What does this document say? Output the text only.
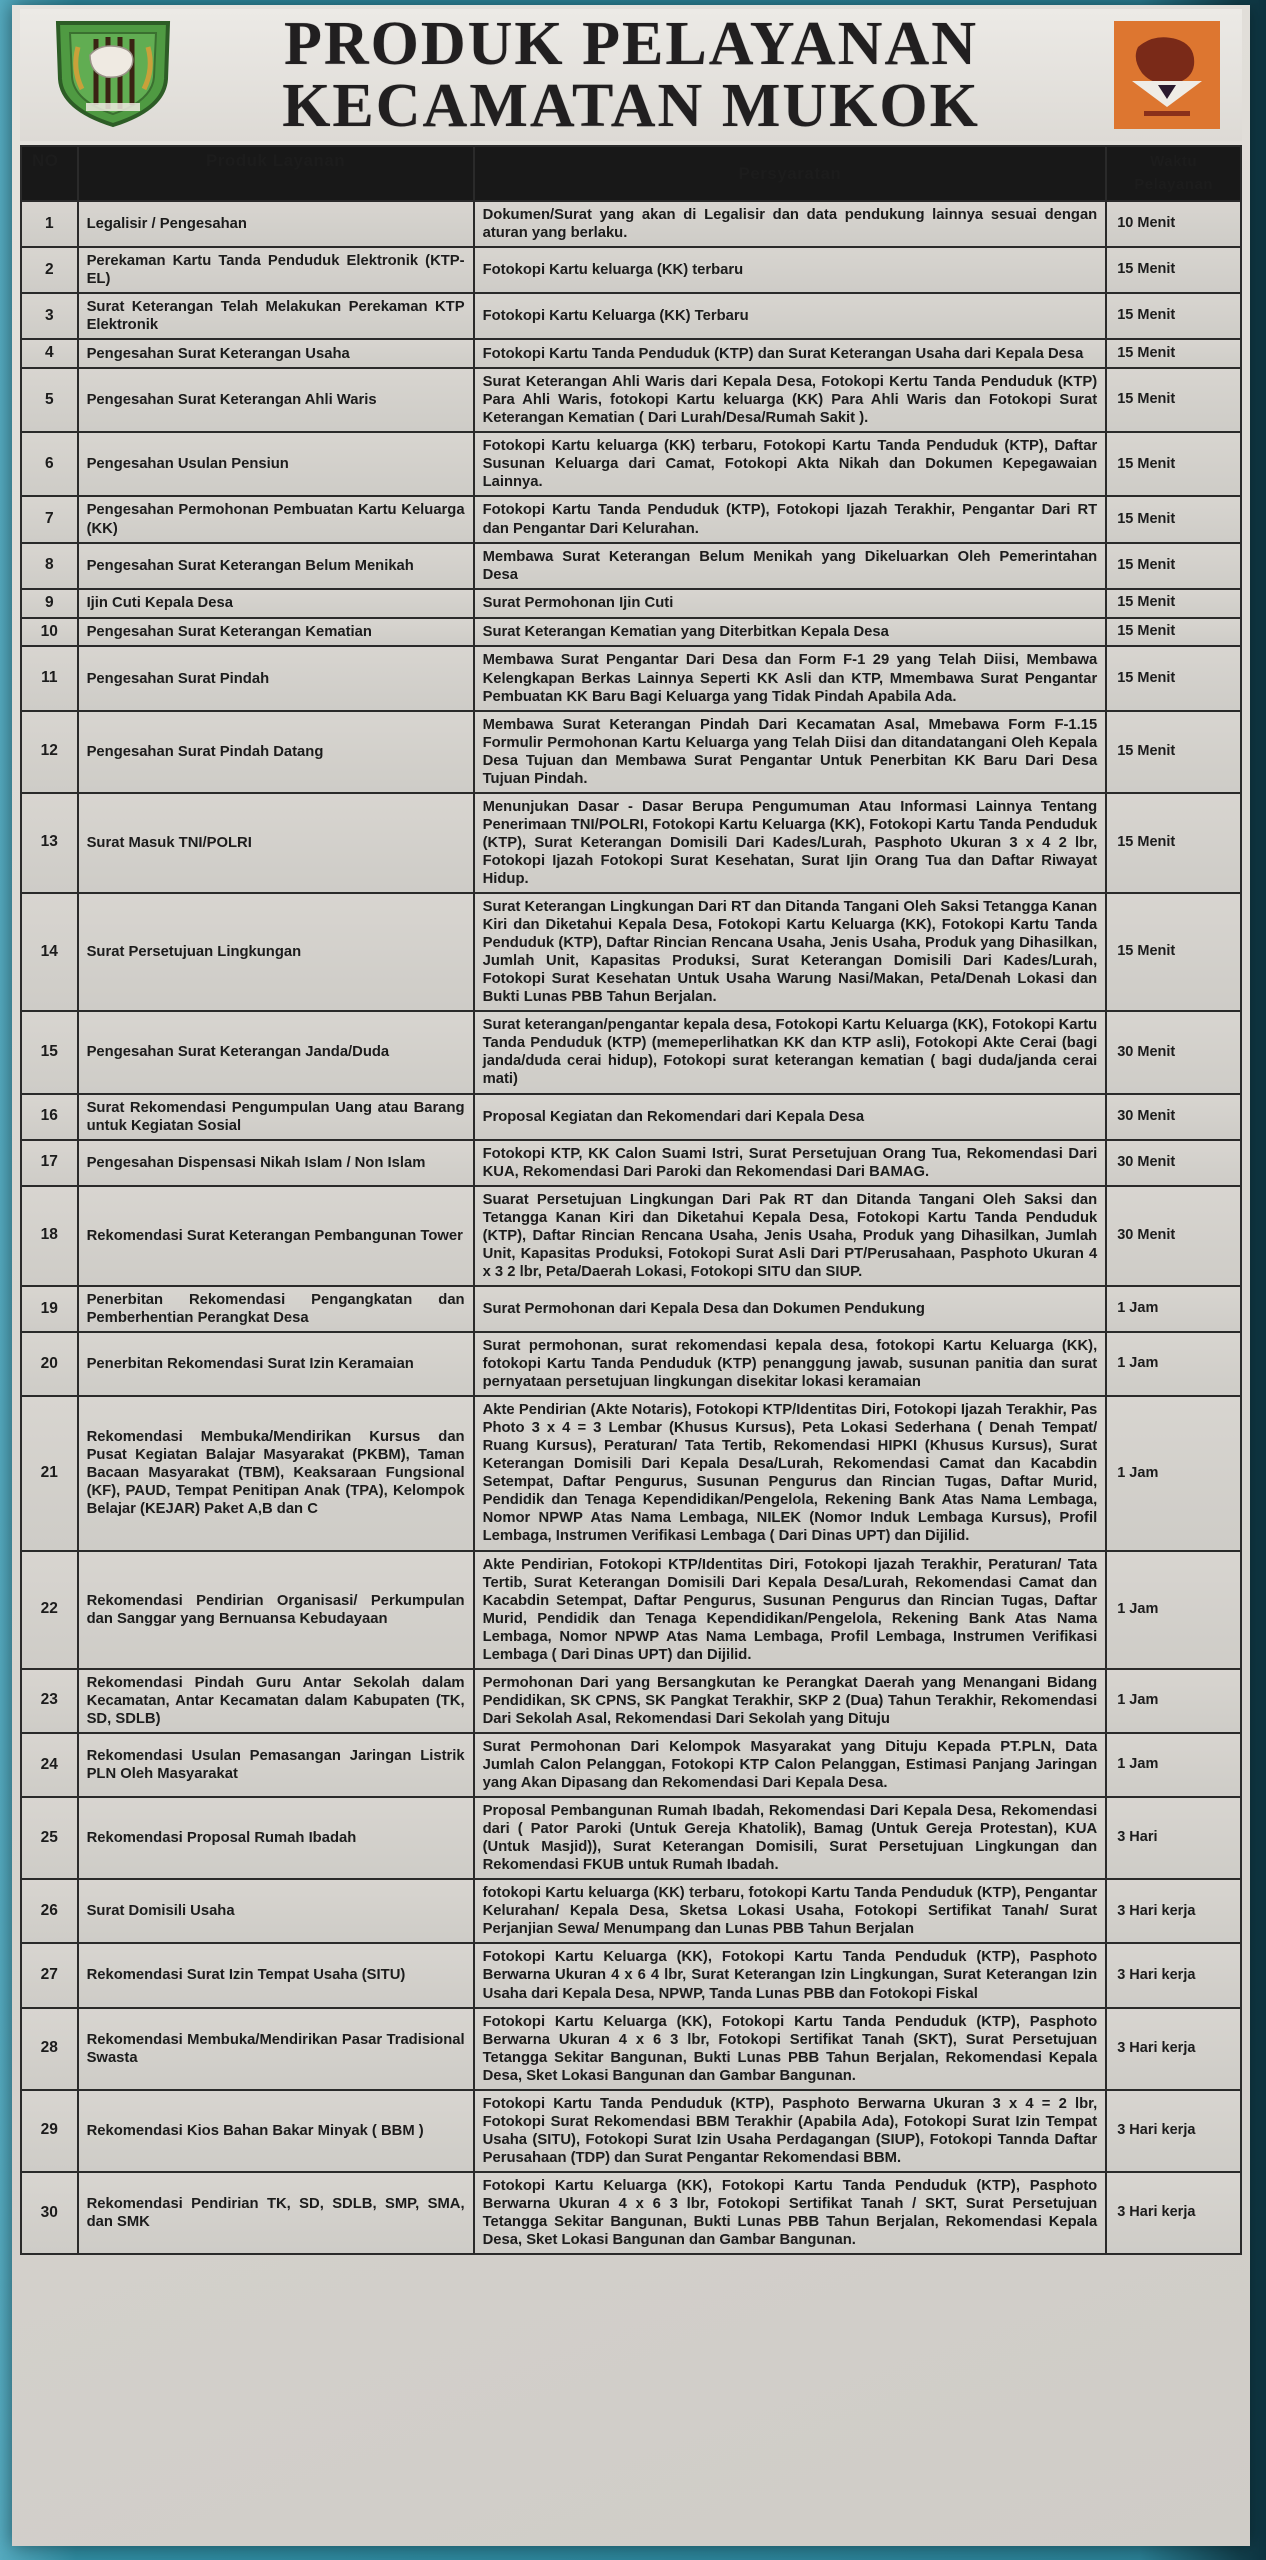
PRODUK PELAYANAN
KECAMATAN MUKOK
NO	Produk Layanan	Persyaratan	Waktu Pelayanan
1	Legalisir / Pengesahan	Dokumen/Surat yang akan di Legalisir dan data pendukung lainnya sesuai dengan aturan yang berlaku.	10 Menit
2	Perekaman Kartu Tanda Penduduk Elektronik (KTP-EL)	Fotokopi Kartu keluarga (KK) terbaru	15 Menit
3	Surat Keterangan Telah Melakukan Perekaman KTP Elektronik	Fotokopi Kartu Keluarga (KK) Terbaru	15 Menit
4	Pengesahan Surat Keterangan Usaha	Fotokopi Kartu Tanda Penduduk (KTP) dan Surat Keterangan Usaha dari Kepala Desa	15 Menit
5	Pengesahan Surat Keterangan Ahli Waris	Surat Keterangan Ahli Waris dari Kepala Desa, Fotokopi Kertu Tanda Penduduk (KTP) Para Ahli Waris, fotokopi Kartu keluarga (KK) Para Ahli Waris dan Fotokopi Surat Keterangan Kematian ( Dari Lurah/Desa/Rumah Sakit ).	15 Menit
6	Pengesahan Usulan Pensiun	Fotokopi Kartu keluarga (KK) terbaru, Fotokopi Kartu Tanda Penduduk (KTP), Daftar Susunan Keluarga dari Camat, Fotokopi Akta Nikah dan Dokumen Kepegawaian Lainnya.	15 Menit
7	Pengesahan Permohonan Pembuatan Kartu Keluarga (KK)	Fotokopi Kartu Tanda Penduduk (KTP), Fotokopi Ijazah Terakhir, Pengantar Dari RT dan Pengantar Dari Kelurahan.	15 Menit
8	Pengesahan Surat Keterangan Belum Menikah	Membawa Surat Keterangan Belum Menikah yang Dikeluarkan Oleh Pemerintahan Desa	15 Menit
9	Ijin Cuti Kepala Desa	Surat Permohonan Ijin Cuti	15 Menit
10	Pengesahan Surat Keterangan Kematian	Surat Keterangan Kematian yang Diterbitkan Kepala Desa	15 Menit
11	Pengesahan Surat Pindah	Membawa Surat Pengantar Dari Desa dan Form F-1 29 yang Telah Diisi, Membawa Kelengkapan Berkas Lainnya Seperti KK Asli dan KTP, Mmembawa Surat Pengantar Pembuatan KK Baru Bagi Keluarga yang Tidak Pindah Apabila Ada.	15 Menit
12	Pengesahan Surat Pindah Datang	Membawa Surat Keterangan Pindah Dari Kecamatan Asal, Mmebawa Form F-1.15 Formulir Permohonan Kartu Keluarga yang Telah Diisi dan ditandatangani Oleh Kepala Desa Tujuan dan Membawa Surat Pengantar Untuk Penerbitan KK Baru Dari Desa Tujuan Pindah.	15 Menit
13	Surat Masuk TNI/POLRI	Menunjukan Dasar - Dasar Berupa Pengumuman Atau Informasi Lainnya Tentang Penerimaan TNI/POLRI, Fotokopi Kartu Keluarga (KK), Fotokopi Kartu Tanda Penduduk (KTP), Surat Keterangan Domisili Dari Kades/Lurah, Pasphoto Ukuran 3 x 4 2 lbr, Fotokopi Ijazah Fotokopi Surat Kesehatan, Surat Ijin Orang Tua dan Daftar Riwayat Hidup.	15 Menit
14	Surat Persetujuan Lingkungan	Surat Keterangan Lingkungan Dari RT dan Ditanda Tangani Oleh Saksi Tetangga Kanan Kiri dan Diketahui Kepala Desa, Fotokopi Kartu Keluarga (KK), Fotokopi Kartu Tanda Penduduk (KTP), Daftar Rincian Rencana Usaha, Jenis Usaha, Produk yang Dihasilkan, Jumlah Unit, Kapasitas Produksi, Surat Keterangan Domisili Dari Kades/Lurah, Fotokopi Surat Kesehatan Untuk Usaha Warung Nasi/Makan, Peta/Denah Lokasi dan Bukti Lunas PBB Tahun Berjalan.	15 Menit
15	Pengesahan Surat Keterangan Janda/Duda	Surat keterangan/pengantar kepala desa, Fotokopi Kartu Keluarga (KK), Fotokopi Kartu Tanda Penduduk (KTP) (memeperlihatkan KK dan KTP asli), Fotokopi Akte Cerai (bagi janda/duda cerai hidup), Fotokopi surat keterangan kematian ( bagi duda/janda cerai mati)	30 Menit
16	Surat Rekomendasi Pengumpulan Uang atau Barang untuk Kegiatan Sosial	Proposal Kegiatan dan Rekomendari dari Kepala Desa	30 Menit
17	Pengesahan Dispensasi Nikah Islam / Non Islam	Fotokopi KTP, KK Calon Suami Istri, Surat Persetujuan Orang Tua, Rekomendasi Dari KUA, Rekomendasi Dari Paroki dan Rekomendasi Dari BAMAG.	30 Menit
18	Rekomendasi Surat Keterangan Pembangunan Tower	Suarat Persetujuan Lingkungan Dari Pak RT dan Ditanda Tangani Oleh Saksi dan Tetangga Kanan Kiri dan Diketahui Kepala Desa, Fotokopi Kartu Tanda Penduduk (KTP), Daftar Rincian Rencana Usaha, Jenis Usaha, Produk yang Dihasilkan, Jumlah Unit, Kapasitas Produksi, Fotokopi Surat Asli Dari PT/Perusahaan, Pasphoto Ukuran 4 x 3 2 lbr, Peta/Daerah Lokasi, Fotokopi SITU dan SIUP.	30 Menit
19	Penerbitan Rekomendasi Pengangkatan dan Pemberhentian Perangkat Desa	Surat Permohonan dari Kepala Desa dan Dokumen Pendukung	1 Jam
20	Penerbitan Rekomendasi Surat Izin Keramaian	Surat permohonan, surat rekomendasi kepala desa, fotokopi Kartu Keluarga (KK), fotokopi Kartu Tanda Penduduk (KTP) penanggung jawab, susunan panitia dan surat pernyataan persetujuan lingkungan disekitar lokasi keramaian	1 Jam
21	Rekomendasi Membuka/Mendirikan Kursus dan Pusat Kegiatan Balajar Masyarakat (PKBM), Taman Bacaan Masyarakat (TBM), Keaksaraan Fungsional (KF), PAUD, Tempat Penitipan Anak (TPA), Kelompok Belajar (KEJAR) Paket A,B dan C	Akte Pendirian (Akte Notaris), Fotokopi KTP/Identitas Diri, Fotokopi Ijazah Terakhir, Pas Photo 3 x 4 = 3 Lembar (Khusus Kursus), Peta Lokasi Sederhana ( Denah Tempat/ Ruang Kursus), Peraturan/ Tata Tertib, Rekomendasi HIPKI (Khusus Kursus), Surat Keterangan Domisili Dari Kepala Desa/Lurah, Rekomendasi Camat dan Kacabdin Setempat, Daftar Pengurus, Susunan Pengurus dan Rincian Tugas, Daftar Murid, Pendidik dan Tenaga Kependidikan/Pengelola, Rekening Bank Atas Nama Lembaga, Nomor NPWP Atas Nama Lembaga, NILEK (Nomor Induk Lembaga Kursus), Profil Lembaga, Instrumen Verifikasi Lembaga ( Dari Dinas UPT) dan Dijilid.	1 Jam
22	Rekomendasi Pendirian Organisasi/ Perkumpulan dan Sanggar yang Bernuansa Kebudayaan	Akte Pendirian, Fotokopi KTP/Identitas Diri, Fotokopi Ijazah Terakhir, Peraturan/ Tata Tertib, Surat Keterangan Domisili Dari Kepala Desa/Lurah, Rekomendasi Camat dan Kacabdin Setempat, Daftar Pengurus, Susunan Pengurus dan Rincian Tugas, Daftar Murid, Pendidik dan Tenaga Kependidikan/Pengelola, Rekening Bank Atas Nama Lembaga, Nomor NPWP Atas Nama Lembaga, Profil Lembaga, Instrumen Verifikasi Lembaga ( Dari Dinas UPT) dan Dijilid.	1 Jam
23	Rekomendasi Pindah Guru Antar Sekolah dalam Kecamatan, Antar Kecamatan dalam Kabupaten (TK, SD, SDLB)	Permohonan Dari yang Bersangkutan ke Perangkat Daerah yang Menangani Bidang Pendidikan, SK CPNS, SK Pangkat Terakhir, SKP 2 (Dua) Tahun Terakhir, Rekomendasi Dari Sekolah Asal, Rekomendasi Dari Sekolah yang Dituju	1 Jam
24	Rekomendasi Usulan Pemasangan Jaringan Listrik PLN Oleh Masyarakat	Surat Permohonan Dari Kelompok Masyarakat yang Dituju Kepada PT.PLN, Data Jumlah Calon Pelanggan, Fotokopi KTP Calon Pelanggan, Estimasi Panjang Jaringan yang Akan Dipasang dan Rekomendasi Dari Kepala Desa.	1 Jam
25	Rekomendasi Proposal Rumah Ibadah	Proposal Pembangunan Rumah Ibadah, Rekomendasi Dari Kepala Desa, Rekomendasi dari ( Pator Paroki (Untuk Gereja Khatolik), Bamag (Untuk Gereja Protestan), KUA (Untuk Masjid)), Surat Keterangan Domisili, Surat Persetujuan Lingkungan dan Rekomendasi FKUB untuk Rumah Ibadah.	3 Hari
26	Surat Domisili Usaha	fotokopi Kartu keluarga (KK) terbaru, fotokopi Kartu Tanda Penduduk (KTP), Pengantar Kelurahan/ Kepala Desa, Sketsa Lokasi Usaha, Fotokopi Sertifikat Tanah/ Surat Perjanjian Sewa/ Menumpang dan Lunas PBB Tahun Berjalan	3 Hari kerja
27	Rekomendasi Surat Izin Tempat Usaha (SITU)	Fotokopi Kartu Keluarga (KK), Fotokopi Kartu Tanda Penduduk (KTP), Pasphoto Berwarna Ukuran 4 x 6 4 lbr, Surat Keterangan Izin Lingkungan, Surat Keterangan Izin Usaha dari Kepala Desa, NPWP, Tanda Lunas PBB dan Fotokopi Fiskal	3 Hari kerja
28	Rekomendasi Membuka/Mendirikan Pasar Tradisional Swasta	Fotokopi Kartu Keluarga (KK), Fotokopi Kartu Tanda Penduduk (KTP), Pasphoto Berwarna Ukuran 4 x 6 3 lbr, Fotokopi Sertifikat Tanah (SKT), Surat Persetujuan Tetangga Sekitar Bangunan, Bukti Lunas PBB Tahun Berjalan, Rekomendasi Kepala Desa, Sket Lokasi Bangunan dan Gambar Bangunan.	3 Hari kerja
29	Rekomendasi Kios Bahan Bakar Minyak ( BBM )	Fotokopi Kartu Tanda Penduduk (KTP), Pasphoto Berwarna Ukuran 3 x 4 = 2 lbr, Fotokopi Surat Rekomendasi BBM Terakhir (Apabila Ada), Fotokopi Surat Izin Tempat Usaha (SITU), Fotokopi Surat Izin Usaha Perdagangan (SIUP), Fotokopi Tannda Daftar Perusahaan (TDP) dan Surat Pengantar Rekomendasi BBM.	3 Hari kerja
30	Rekomendasi Pendirian TK, SD, SDLB, SMP, SMA, dan SMK	Fotokopi Kartu Keluarga (KK), Fotokopi Kartu Tanda Penduduk (KTP), Pasphoto Berwarna Ukuran 4 x 6 3 lbr, Fotokopi Sertifikat Tanah / SKT, Surat Persetujuan Tetangga Sekitar Bangunan, Bukti Lunas PBB Tahun Berjalan, Rekomendasi Kepala Desa, Sket Lokasi Bangunan dan Gambar Bangunan.	3 Hari kerja
